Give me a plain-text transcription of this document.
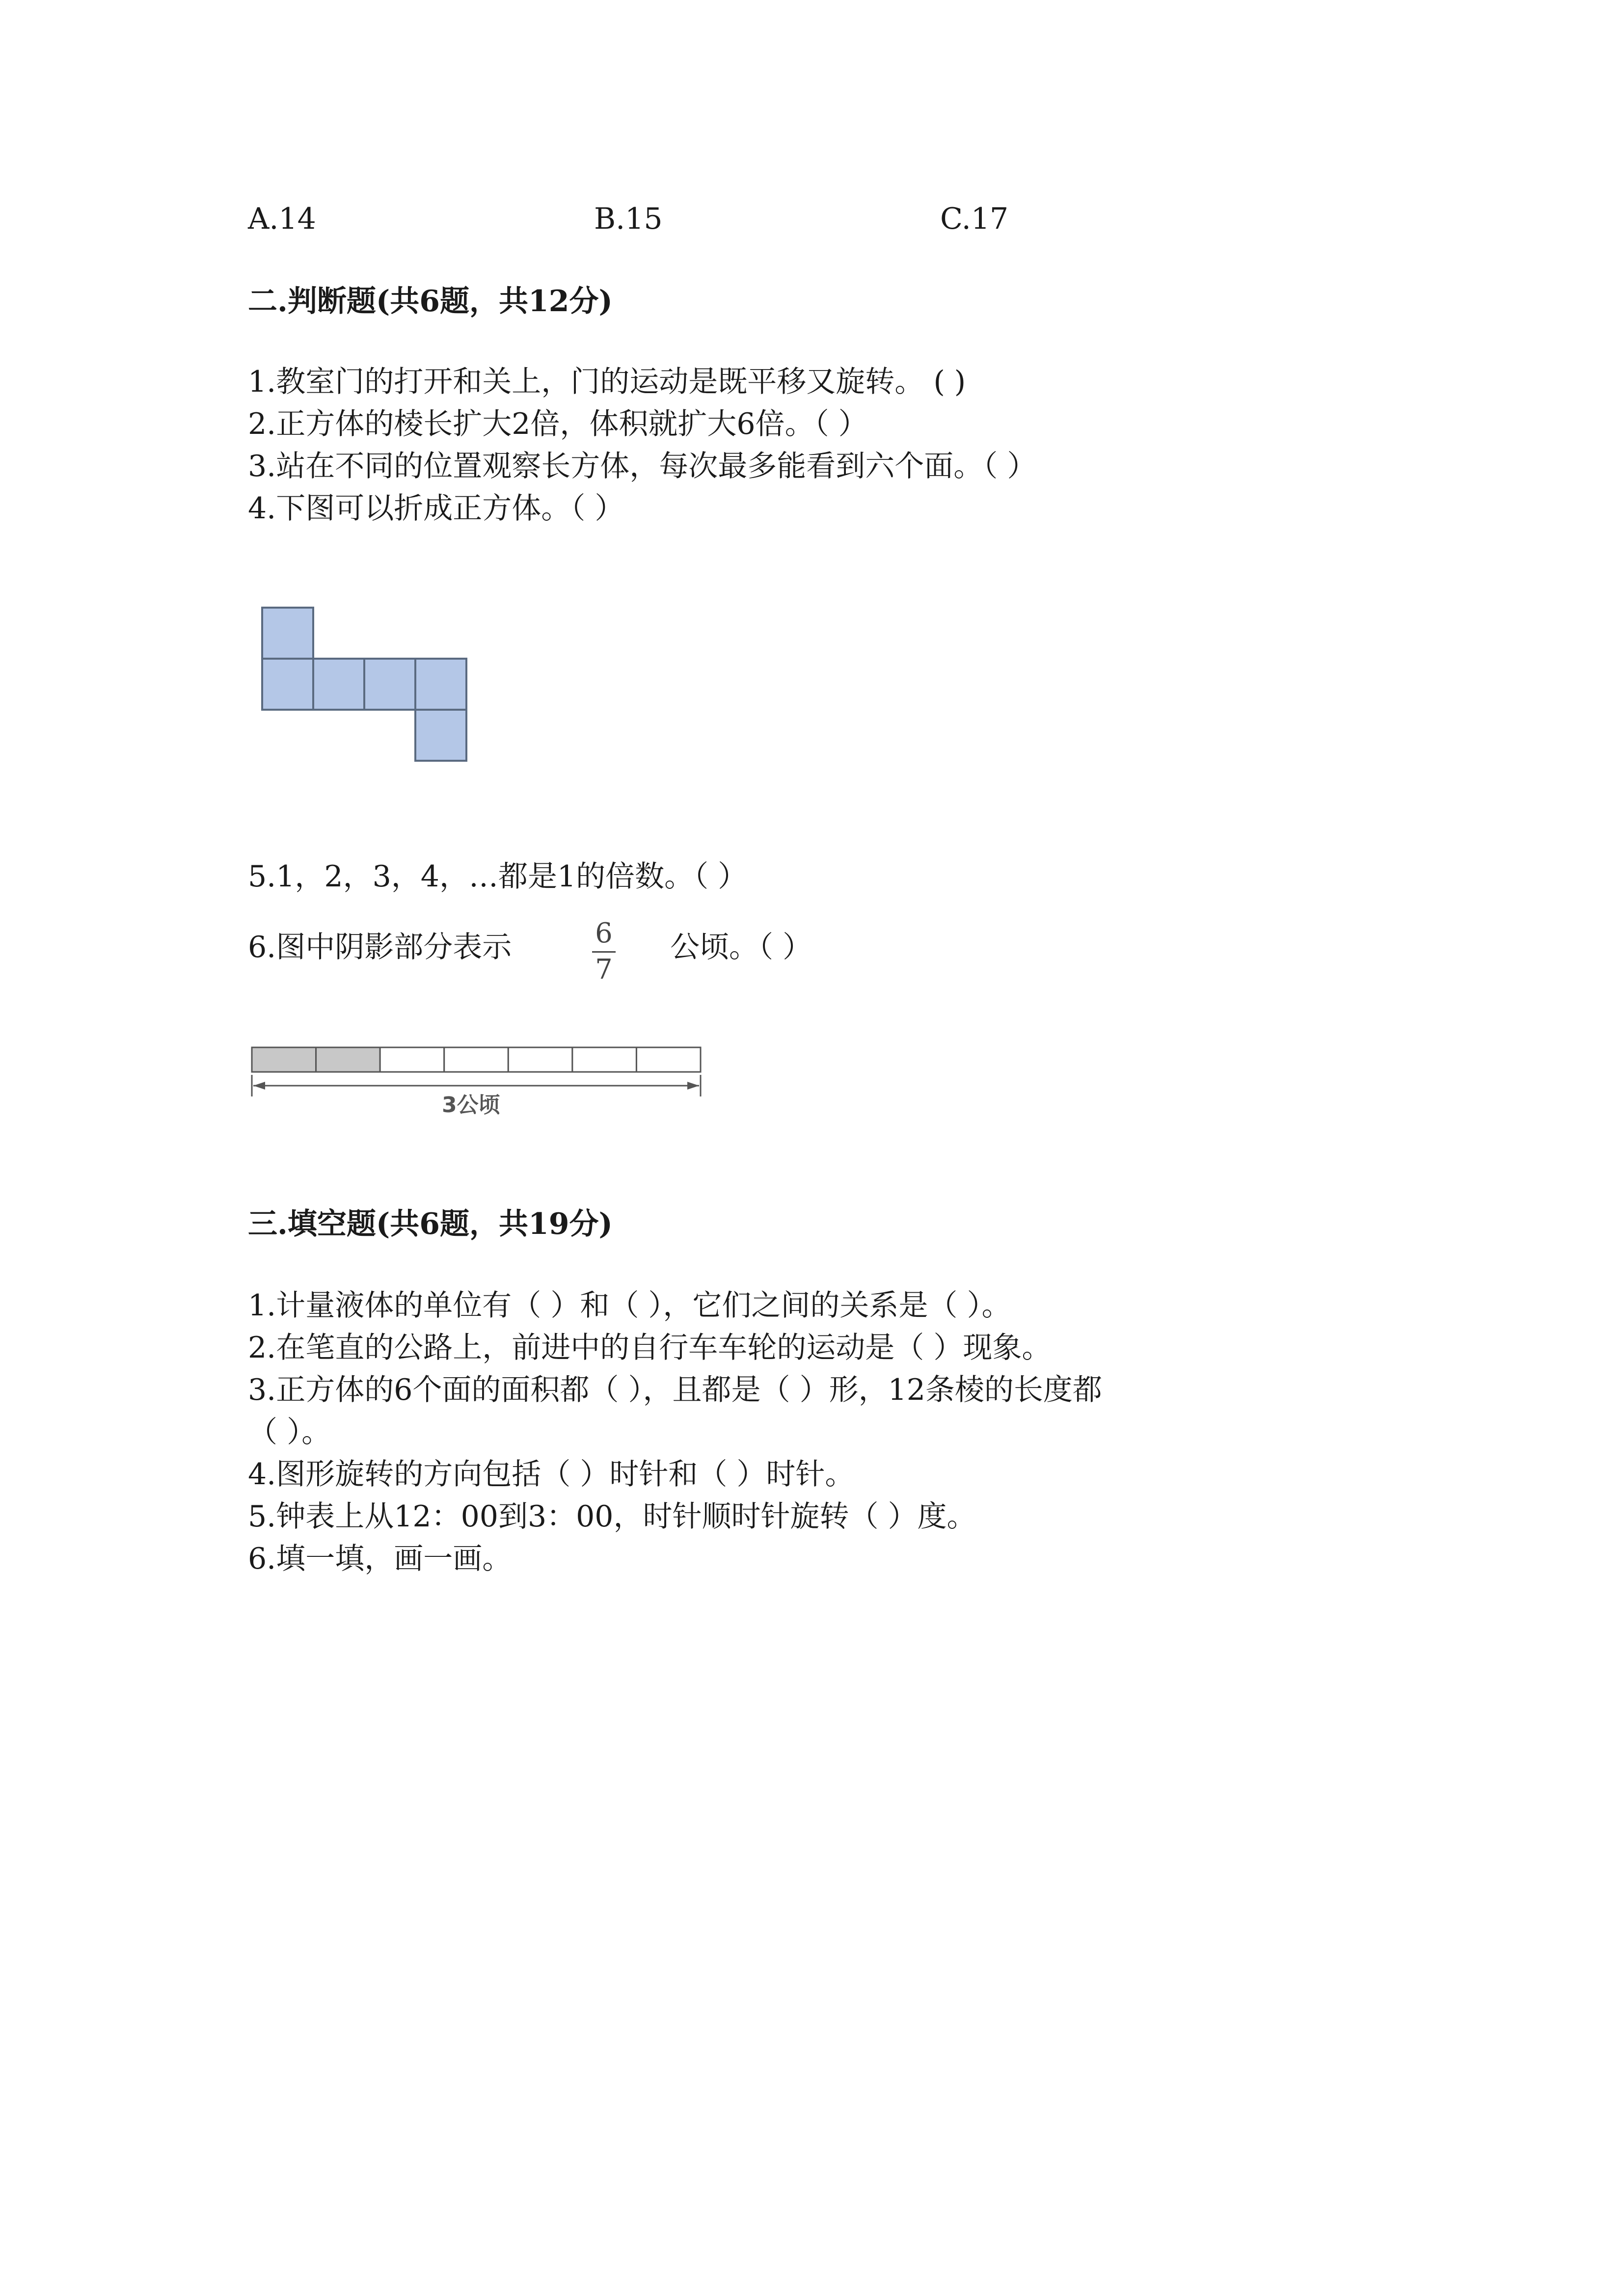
A.14	B.15	C.17
二.判断题(共6题，共12分)
1.教室门的打开和关上，门的运动是既平移又旋转。 ( )
2.正方体的棱长扩大2倍，体积就扩大6倍。（ ）
3.站在不同的位置观察长方体，每次最多能看到六个面。（ ）
4.下图可以折成正方体。（ ）
5.1，2，3，4，…都是1的倍数。（ ）
6.图中阴影部分表示	6
7
公顷。（ ）
3公顷
三.填空题(共6题，共19分)
1.计量液体的单位有（ ）和（ ），它们之间的关系是（ ）。
2.在笔直的公路上，前进中的自行车车轮的运动是（ ）现象。
3.正方体的6个面的面积都（ ），且都是（ ）形，12条棱的长度都
（ ）。
4.图形旋转的方向包括（ ）时针和（ ）时针。
5.钟表上从12：00到3：00，时针顺时针旋转（ ）度。
6.填一填，画一画。
